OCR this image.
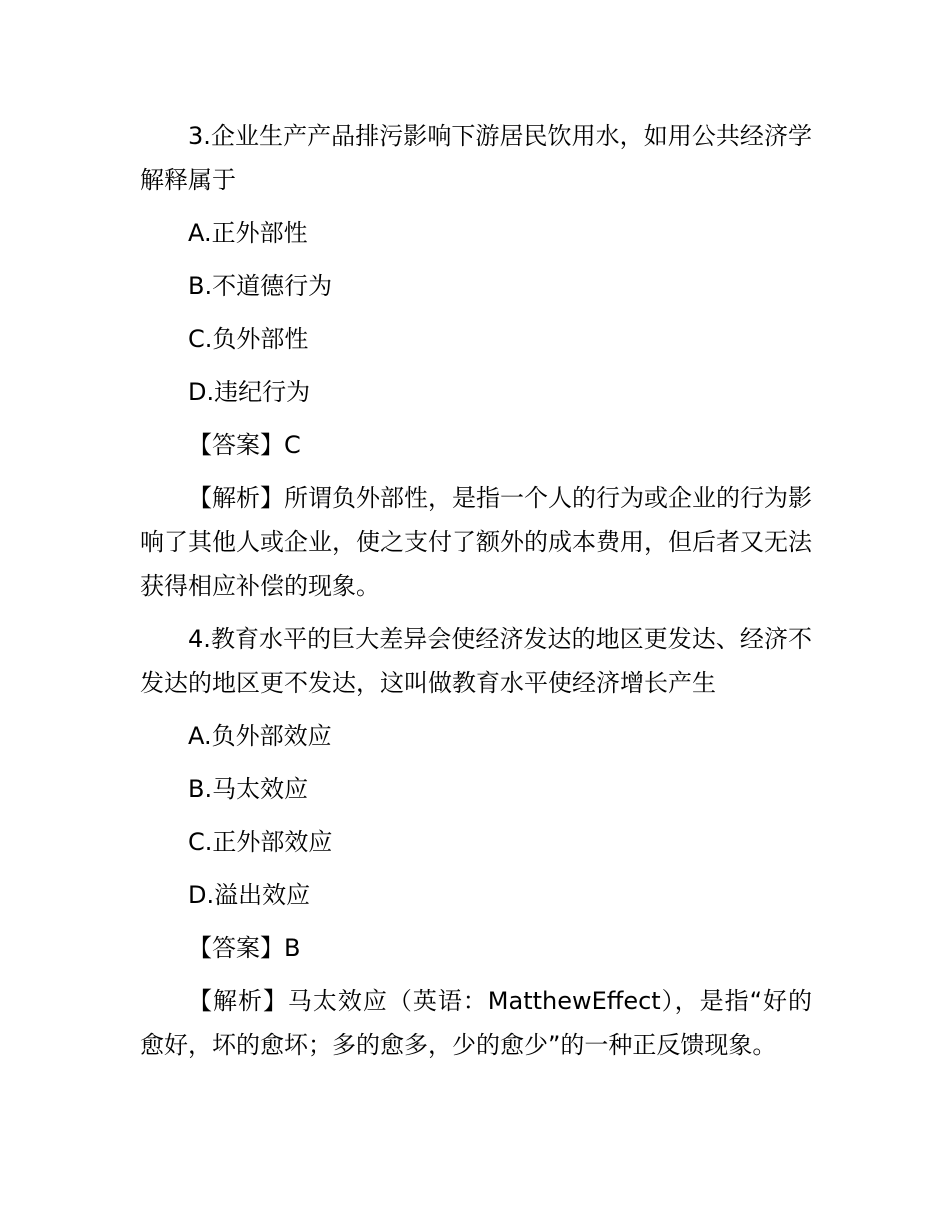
3.企业生产产品排污影响下游居民饮用水，如用公共经济学解释属于

A.正外部性

B.不道德行为

C.负外部性

D.违纪行为

【答案】C

【解析】所谓负外部性，是指一个人的行为或企业的行为影响了其他人或企业，使之支付了额外的成本费用，但后者又无法获得相应补偿的现象。

4.教育水平的巨大差异会使经济发达的地区更发达、经济不发达的地区更不发达，这叫做教育水平使经济增长产生

A.负外部效应

B.马太效应

C.正外部效应

D.溢出效应

【答案】B

【解析】马太效应（英语：MatthewEffect），是指“好的愈好，坏的愈坏；多的愈多，少的愈少”的一种正反馈现象。
